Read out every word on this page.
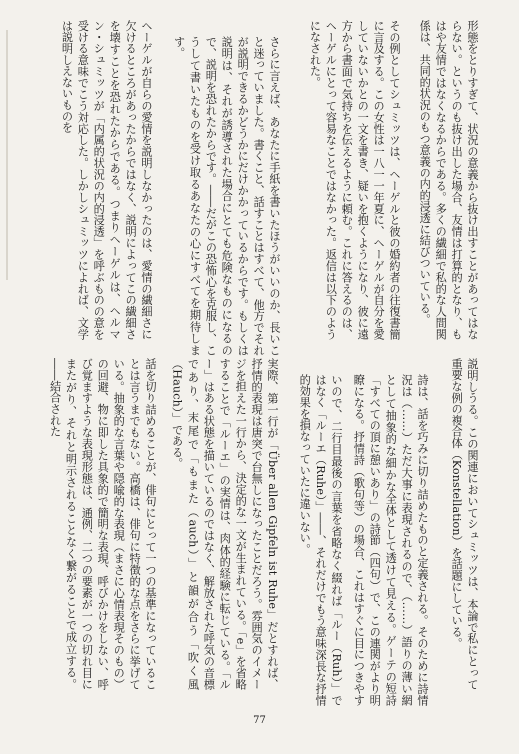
形態をとりすぎて、状況の意義から抜け出すことがあってはならない。というのも抜け出した場合、友情は打算的となり、もはや友情ではなくなるからである。多くの繊細で私的な人間関係は、共同的状況のもつ意義の内的浸透に結びついている。
その例としてシュミッツは、ヘーゲルと彼の婚約者の往復書簡に言及する。この女性は一八一一年夏に、ヘーゲルが自分を愛していないかとの一文を書き、疑いを抱くようになり、彼に遠方から書面で気持ちを伝えるように頼む。これに答えるのは、ヘーゲルにとって容易なことではなかった。返信は以下のようになされた。
さらに言えば、あなたに手紙を書いたほうがいいのか、長いこと迷っていました。書くこと、話すことはすべて、他方でそれが説明できるかどうかにだけかかっているからです。もしくは説明は、それが誘導された場合にとても危険なものになるので、説明を恐れたからです。――だがこの恐怖心を克服し、こうして書いたものを受け取るあなたの心にすべてを期待します。
ヘーゲルが自らの愛情を説明しなかったのは、愛情の繊細さに欠けるところがあったからではなく、説明によってこの繊細さを壊すことを恐れたからである。つまりヘーゲルは、ヘルマン・シュミッツが「内属的状況の内的浸透」を呼ぶものの意を受ける意味でこう対応した。しかしシュミッツによれば、文学は説明しえないものを
説明しうる。この関連においてシュミッツは、本論で私にとって重要な例の複合体（Konstellation）を話題にしている。
詩は、話を巧みに切り詰めたものと定義される。そのために詩情況は（……）ただ大事に表現されるので、（……）語りの薄い網として抽象的な細かな全体として透けて見える。ゲーテの短詩「すべての頂に憩いあり」の詩節（四句）で、この連関がより明瞭になる。抒情詩（歌句等）の場合、これはすぐに目につきやす
いので、二行目最後の言葉を省略なく綴れば「ルー（Ruh）」ではなく「ルーエ（Ruhe）」――、それだけでもう意味深長な抒情的効果を損なっていたに違いない。
実際、第一行が「Über allen Gipfeln ist Ruhe」だとすれば、抒情的表現は唐突で台無しになったことだろう。雰囲気のイメージを担えた一行から、決定的な一文が生まれている。「e」を省略することで「ルーエ」の実情は、肉体的経験に転じている。「ルー」はある状態を描いているのではなく、解放された呼気の音標であり、末尾で「もまた（auch）」と韻が合う「吹く風（Hauch）」である。
話を切り詰めることが、俳句にとって一つの基準になっていることは言うまでもない。高橋は、俳句に特徴的な点をさらに挙げている。抽象的な言葉や隠喩的な表現（まさに心情表現そのもの）の回避、物に即した具象的で簡明な表現、呼びかけをしない、呼び覚ますような表現形態は、通例、二つの要素が一つの切れ目にまたがり、それと明示されることなく繋がることで成立する。――結合された
77
